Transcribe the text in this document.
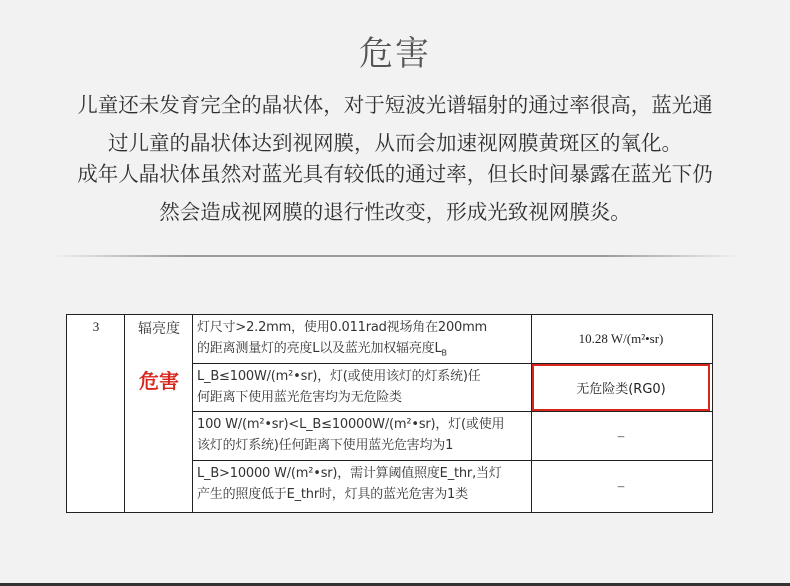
危害
儿童还未发育完全的晶状体，对于短波光谱辐射的通过率很高，蓝光通
过儿童的晶状体达到视网膜，从而会加速视网膜黄斑区的氧化。
成年人晶状体虽然对蓝光具有较低的通过率，但长时间暴露在蓝光下仍
然会造成视网膜的退行性改变，形成光致视网膜炎。
3	辐亮度
危害
灯尺寸>2.2mm，使用0.011rad视场角在200mm
的距离测量灯的亮度L以及蓝光加权辐亮度$L_B$
10.28 W/(m²•sr)
L_B≤100W/(m²•sr)，灯(或使用该灯的灯系统)任
何距离下使用蓝光危害均为无危险类
无危险类(RG0)
100 W/(m²•sr)<L_B≤10000W/(m²•sr)，灯(或使用
该灯的灯系统)任何距离下使用蓝光危害均为1
–
L_B>10000 W/(m²•sr)，需计算阈值照度E_thr,当灯
产生的照度低于E_thr时，灯具的蓝光危害为1类
–
